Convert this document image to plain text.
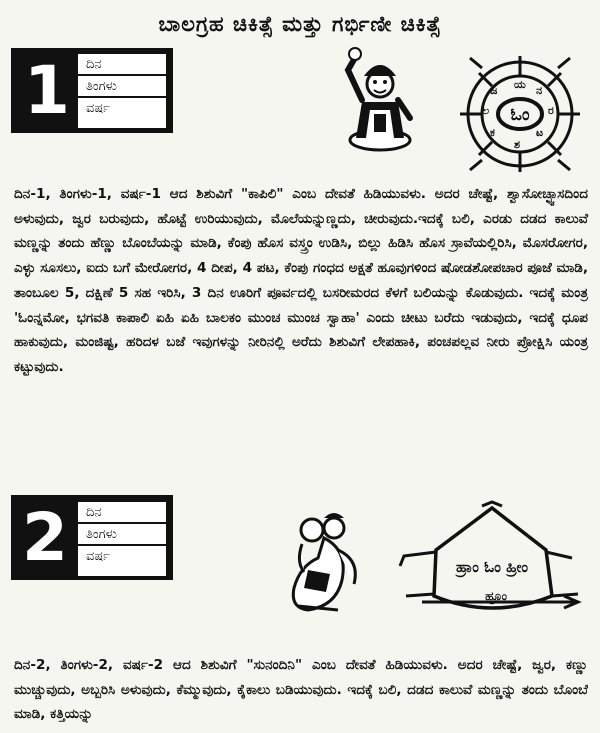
ಬಾಲಗ್ರಹ ಚಿಕಿತ್ಸೆ ಮತ್ತು ಗರ್ಭಿಣೀ ಚಿಕಿತ್ಸೆ
1	ದಿನ
ತಿಂಗಳು
ವರ್ಷ
ಯ ನ
ರ
ಟ
ಶ
ಕ
ಲ
ಜ
ಓಂ

ದಿನ-1, ತಿಂಗಳು-1, ವರ್ಷ-1 ಆದ ಶಿಶುವಿಗೆ "ಕಾಪಿಲಿ" ಎಂಬ ದೇವತೆ ಹಿಡಿಯುವಳು. ಅದರ ಚೇಷ್ಟೆ, ಶ್ವಾಸೋಚ್ಛ್ವಾಸದಿಂದ ಅಳುವುದು, ಜ್ವರ ಬರುವುದು, ಹೊಟ್ಟೆ ಉರಿಯುವುದು, ಮೊಲೆಯನ್ನುಣ್ಣದು, ಚೀರುವುದು.ಇದಕ್ಕೆ ಬಲಿ, ಎರಡು ದಡದ ಕಾಲುವೆ ಮಣ್ಣನ್ನು ತಂದು ಹೆಣ್ಣು ಬೊಂಬೆಯನ್ನು ಮಾಡಿ, ಕೆಂಪು ಹೊಸ ವಸ್ತ್ರಂ ಉಡಿಸಿ, ಬಿಲ್ಲು ಹಿಡಿಸಿ ಹೊಸ ಸ್ರಾವೆಯಲ್ಲಿರಿಸಿ, ಮೊಸರೋಗರ, ಎಳ್ಳು ಸೂಸಲು, ಐದು ಬಗೆ ಮೇರೋಗರ, 4 ದೀಪ, 4 ಪಟ, ಕೆಂಪು ಗಂಧದ ಅಕ್ಷತೆ ಹೂವುಗಳಿಂದ ಷೋಡಶೋಪಚಾರ ಪೂಜೆ ಮಾಡಿ, ತಾಂಬೂಲ 5, ದಕ್ಷಿಣೆ 5 ಸಹ ಇರಿಸಿ, 3 ದಿನ ಊರಿಗೆ ಪೂರ್ವದಲ್ಲಿ ಬಸರೀಮರದ ಕೆಳಗೆ ಬಲಿಯನ್ನು ಕೊಡುವುದು. ಇದಕ್ಕೆ ಮಂತ್ರ 'ಓಂನ್ನಮೋ, ಭಗವತಿ ಕಾಪಾಲಿ ಏಹಿ ಏಹಿ ಬಾಲಕಂ ಮುಂಚ ಮುಂಚ ಸ್ವಾಹಾ' ಎಂದು ಚೀಟು ಬರೆದು ಇಡುವುದು, ಇದಕ್ಕೆ ಧೂಪ ಹಾಕುವುದು, ಮಂಜಿಷ್ಟ, ಹರಿದಳ ಬಜೆ ಇವುಗಳನ್ನು ನೀರಿನಲ್ಲಿ ಅರೆದು ಶಿಶುವಿಗೆ ಲೇಪಹಾಕಿ, ಪಂಚಪಲ್ಲವ ನೀರು ಪ್ರೋಕ್ಷಿಸಿ ಯಂತ್ರ ಕಟ್ಟುವುದು.

2	ದಿನ
ತಿಂಗಳು
ವರ್ಷ
ಹ್ರಾಂ ಓಂ ಹ್ರೀಂ
ಹ್ರೂಂ

ದಿನ-2, ತಿಂಗಳು-2, ವರ್ಷ-2 ಆದ ಶಿಶುವಿಗೆ "ಸುನಂದಿನಿ" ಎಂಬ ದೇವತೆ ಹಿಡಿಯುವಳು. ಅದರ ಚೇಷ್ಟೆ, ಜ್ವರ, ಕಣ್ಣು ಮುಚ್ಚುವುದು, ಅಬ್ಬರಿಸಿ ಅಳುವುದು, ಕೆಮ್ಮುವುದು, ಕೈಕಾಲು ಬಡಿಯುವುದು. ಇದಕ್ಕೆ ಬಲಿ, ದಡದ ಕಾಲುವೆ ಮಣ್ಣನ್ನು ತಂದು ಬೊಂಬೆ ಮಾಡಿ, ಕತ್ತಿಯನ್ನು
